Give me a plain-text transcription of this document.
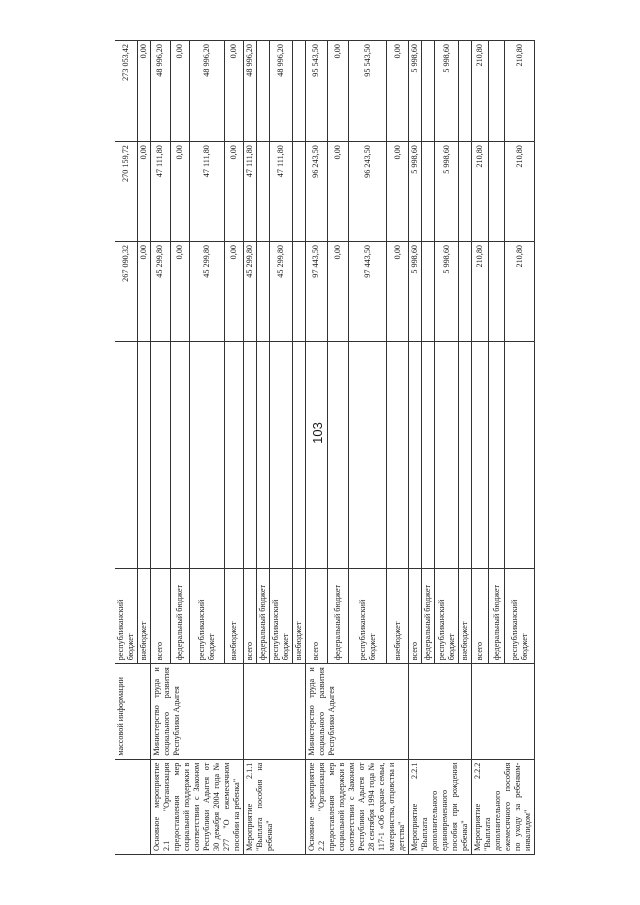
103
	массовой информации	республиканский бюджет		267 090,32	270 159,72	273 053,42
		внебюджет		0,00	0,00	0,00
Основное мероприятие 2.1 "Организация предоставления мер социальной поддержки в соответствии с Законом Республики Адыгея от 30 декабря 2004 года № 277 "О ежемесячном пособии на ребенка"	Министерство труда и социального развития Республики Адыгея	всего		45 299,80	47 111,80	48 996,20
		федеральный бюджет		0,00	0,00	0,00
		республиканский бюджет		45 299,80	47 111,80	48 996,20
		внебюджет		0,00	0,00	0,00
Мероприятие 2.1.1 "Выплата пособия на ребенка"		всего		45 299,80	47 111,80	48 996,20
		федеральный бюджет				
		республиканский бюджет		45 299,80	47 111,80	48 996,20
		внебюджет				
Основное мероприятие 2.2 "Организация предоставления мер социальной поддержки в соответствии с Законом Республики Адыгея от 28 сентября 1994 года № 117-1 «Об охране семьи, материнства, отцовства и детства"	Министерство труда и социального развития Республики Адыгея	всего		97 443,50	96 243,50	95 543,50
		федеральный бюджет		0,00	0,00	0,00
		республиканский бюджет		97 443,50	96 243,50	95 543,50
		внебюджет		0,00	0,00	0,00
Мероприятие 2.2.1 "Выплата дополнительного единовременного пособия при рождении ребенка"		всего		5 998,60	5 998,60	5 998,60
		федеральный бюджет				
		республиканский бюджет		5 998,60	5 998,60	5 998,60
		внебюджет				
Мероприятие 2.2.2 "Выплата дополнительного ежемесячного пособия по уходу за ребенком-инвалидом"		всего		210,80	210,80	210,80
		федеральный бюджет				
		республиканский бюджет		210,80	210,80	210,80
